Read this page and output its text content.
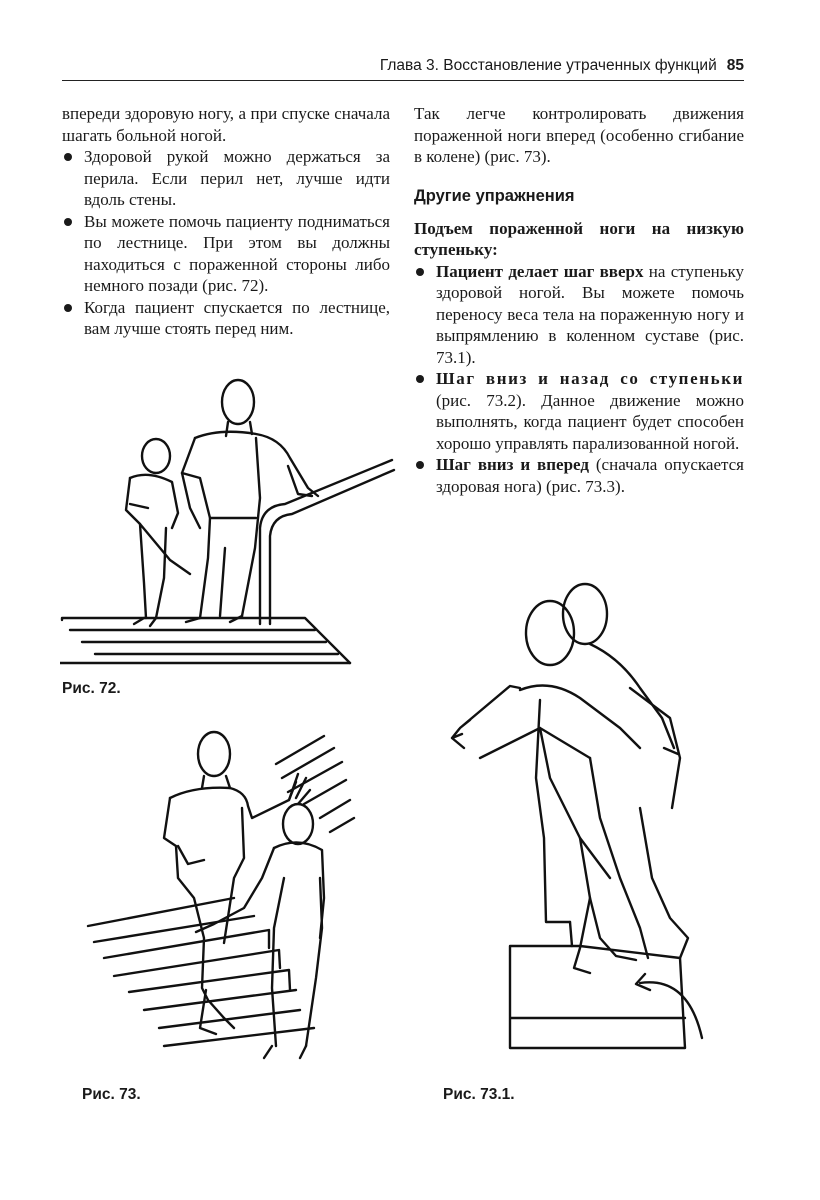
Глава 3. Восстановление утраченных функций 85

впереди здоровую ногу, а при спуске сначала шагать больной ногой.

Здоровой рукой можно держаться за перила. Если перил нет, лучше идти вдоль стены.
Вы можете помочь пациенту подниматься по лестнице. При этом вы должны находиться с пораженной стороны либо немного позади (рис. 72).
Когда пациент спускается по лестнице, вам лучше стоять перед ним.

Так легче контролировать движения пораженной ноги вперед (особенно сгибание в колене) (рис. 73).

Другие упражнения

Подъем пораженной ноги на низкую ступеньку:

Пациент делает шаг вверх на ступеньку здоровой ногой. Вы можете помочь переносу веса тела на пораженную ногу и выпрямлению в коленном суставе (рис. 73.1).
Шаг вниз и назад со ступеньки (рис. 73.2). Данное движение можно выполнять, когда пациент будет способен хорошо управлять парализованной ногой.
Шаг вниз и вперед (сначала опускается здоровая нога) (рис. 73.3).
Рис. 72.
Рис. 73.	Рис. 73.1.
